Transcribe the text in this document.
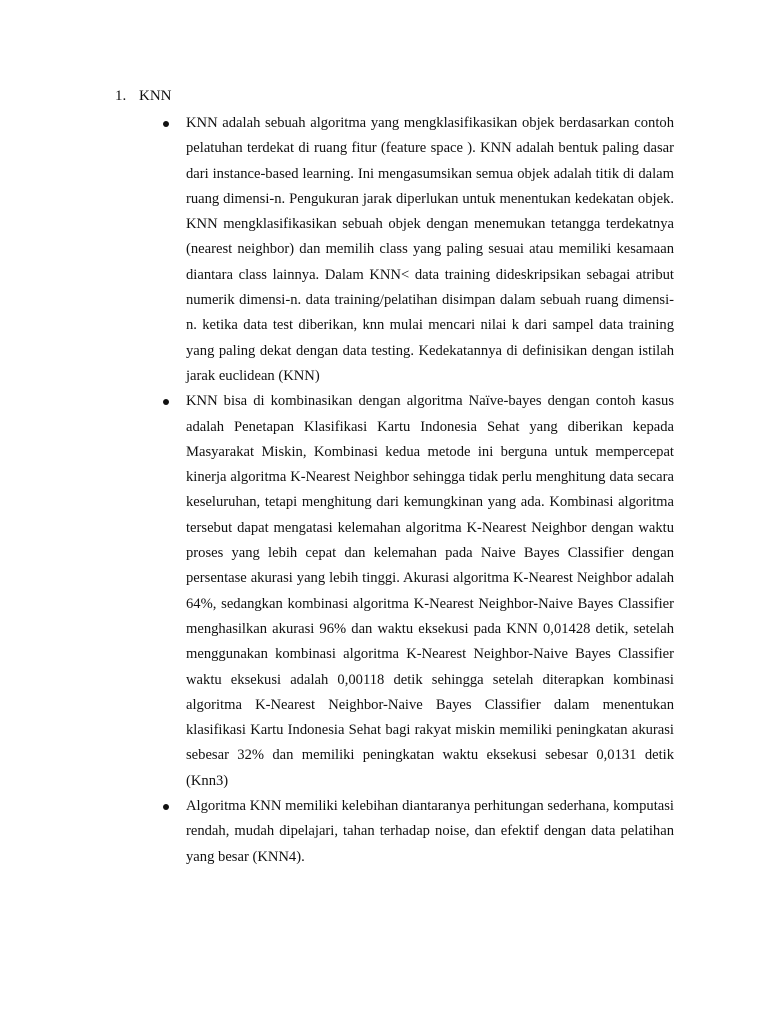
1. KNN
KNN adalah sebuah algoritma yang mengklasifikasikan objek berdasarkan contoh pelatuhan terdekat di ruang fitur (feature space ). KNN adalah bentuk paling dasar dari instance-based learning. Ini mengasumsikan semua objek adalah titik di dalam ruang dimensi-n. Pengukuran jarak diperlukan untuk menentukan kedekatan objek. KNN mengklasifikasikan sebuah objek dengan menemukan tetangga terdekatnya (nearest neighbor) dan memilih class yang paling sesuai atau memiliki kesamaan diantara class lainnya. Dalam KNN< data training dideskripsikan sebagai atribut numerik dimensi-n. data training/pelatihan disimpan dalam sebuah ruang dimensi-n. ketika data test diberikan, knn mulai mencari nilai k dari sampel data training yang paling dekat dengan data testing. Kedekatannya di definisikan dengan istilah jarak euclidean (KNN)
KNN bisa di kombinasikan dengan algoritma Naïve-bayes dengan contoh kasus adalah Penetapan Klasifikasi Kartu Indonesia Sehat yang diberikan kepada Masyarakat Miskin, Kombinasi kedua metode ini berguna untuk mempercepat kinerja algoritma K-Nearest Neighbor sehingga tidak perlu menghitung data secara keseluruhan, tetapi menghitung dari kemungkinan yang ada. Kombinasi algoritma tersebut dapat mengatasi kelemahan algoritma K-Nearest Neighbor dengan waktu proses yang lebih cepat dan kelemahan pada Naive Bayes Classifier dengan persentase akurasi yang lebih tinggi. Akurasi algoritma K-Nearest Neighbor adalah 64%, sedangkan kombinasi algoritma K-Nearest Neighbor-Naive Bayes Classifier menghasilkan akurasi 96% dan waktu eksekusi pada KNN 0,01428 detik, setelah menggunakan kombinasi algoritma K-Nearest Neighbor-Naive Bayes Classifier waktu eksekusi adalah 0,00118 detik sehingga setelah diterapkan kombinasi algoritma K-Nearest Neighbor-Naive Bayes Classifier dalam menentukan klasifikasi Kartu Indonesia Sehat bagi rakyat miskin memiliki peningkatan akurasi sebesar 32% dan memiliki peningkatan waktu eksekusi sebesar 0,0131 detik (Knn3)
Algoritma KNN memiliki kelebihan diantaranya perhitungan sederhana, komputasi rendah, mudah dipelajari, tahan terhadap noise, dan efektif dengan data pelatihan yang besar (KNN4).
